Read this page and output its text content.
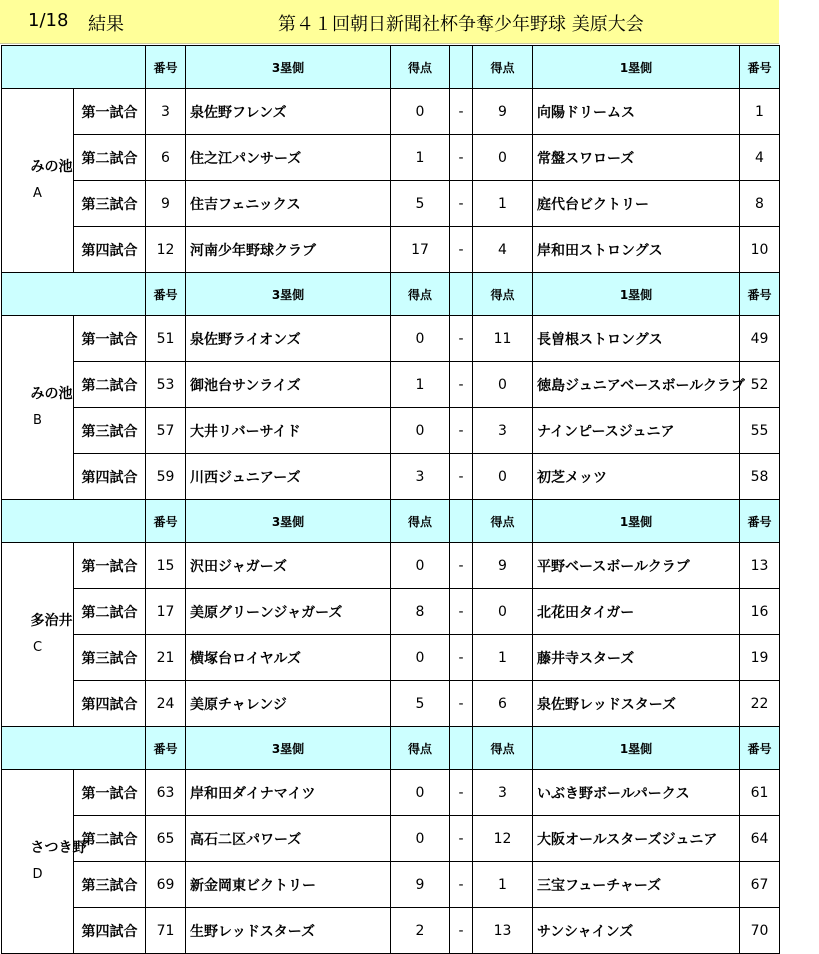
1/18 結果	第４１回朝日新聞社杯争奪少年野球 美原大会
		番号	3塁側	得点		得点	1塁側	番号

みの池
A	第一試合	3	泉佐野フレンズ	0	-	9	向陽ドリームス	1
	第二試合	6	住之江パンサーズ	1	-	0	常盤スワローズ	4
	第三試合	9	住吉フェニックス	5	-	1	庭代台ビクトリー	8
	第四試合	12	河南少年野球クラブ	17	-	4	岸和田ストロングス	10
		番号	3塁側	得点		得点	1塁側	番号

みの池
B	第一試合	51	泉佐野ライオンズ	0	-	11	長曽根ストロングス	49
	第二試合	53	御池台サンライズ	1	-	0	徳島ジュニアベースボールクラブ	52
	第三試合	57	大井リバーサイド	0	-	3	ナインピースジュニア	55
	第四試合	59	川西ジュニアーズ	3	-	0	初芝メッツ	58
		番号	3塁側	得点		得点	1塁側	番号

多治井
C	第一試合	15	沢田ジャガーズ	0	-	9	平野ベースボールクラブ	13
	第二試合	17	美原グリーンジャガーズ	8	-	0	北花田タイガー	16
	第三試合	21	横塚台ロイヤルズ	0	-	1	藤井寺スターズ	19
	第四試合	24	美原チャレンジ	5	-	6	泉佐野レッドスターズ	22
		番号	3塁側	得点		得点	1塁側	番号

さつき野
D	第一試合	63	岸和田ダイナマイツ	0	-	3	いぶき野ボールパークス	61
	第二試合	65	高石二区パワーズ	0	-	12	大阪オールスターズジュニア	64
	第三試合	69	新金岡東ビクトリー	9	-	1	三宝フューチャーズ	67
	第四試合	71	生野レッドスターズ	2	-	13	サンシャインズ	70
